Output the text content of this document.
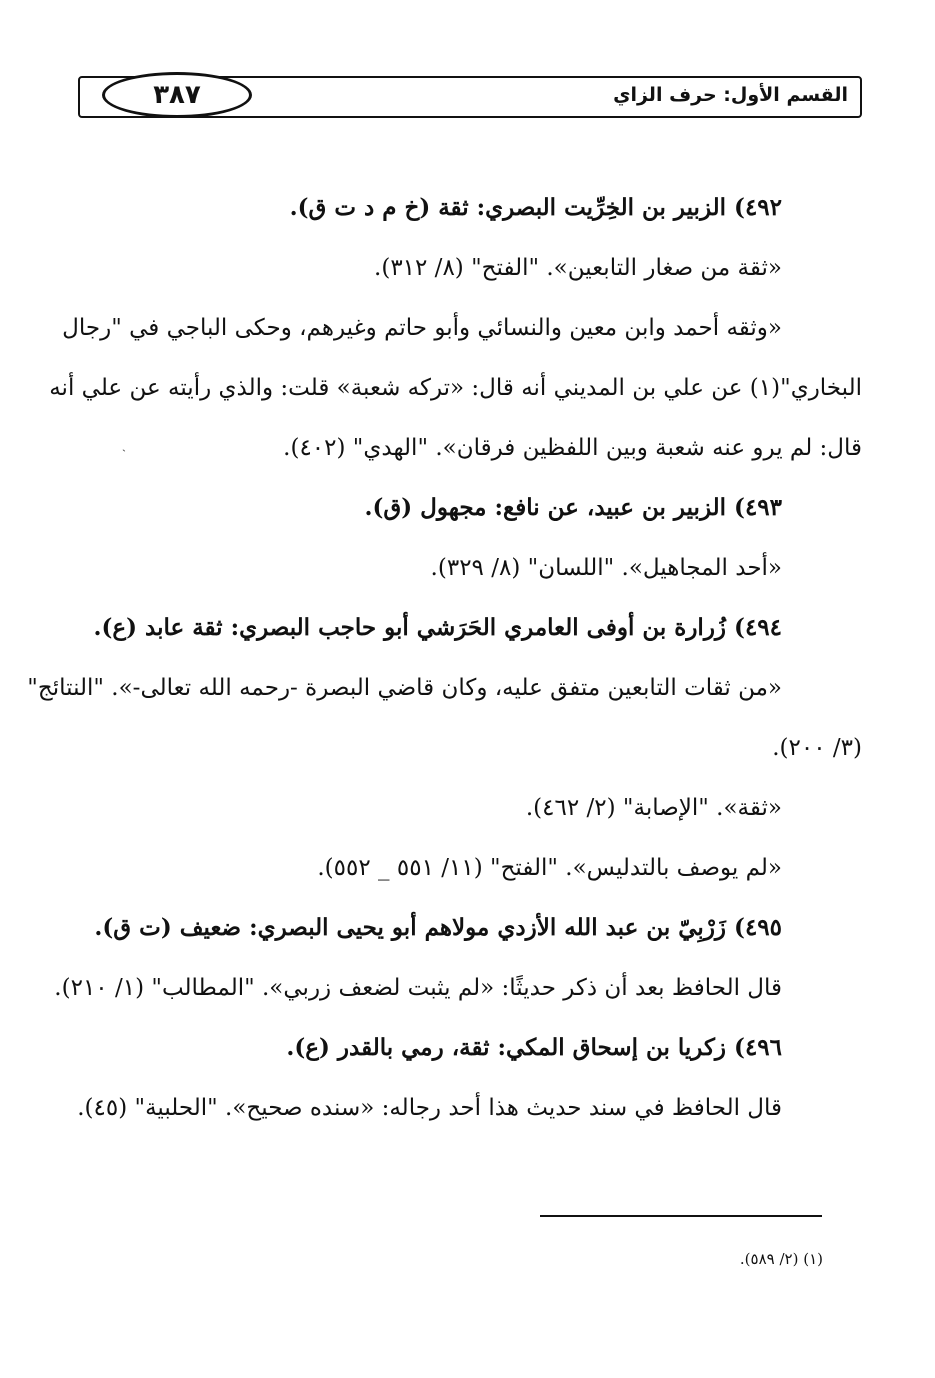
القسم الأول: حرف الزاي
٣٨٧
٤٩٢) الزبير بن الخِرِّيت البصري: ثقة (خ م د ت ق).
«ثقة من صغار التابعين». "الفتح" (٨/ ٣١٢).
«وثقه أحمد وابن معين والنسائي وأبو حاتم وغيرهم، وحكى الباجي في "رجال
البخاري"(١) عن علي بن المديني أنه قال: «تركه شعبة» قلت: والذي رأيته عن علي أنه
قال: لم يرو عنه شعبة وبين اللفظين فرقان». "الهدي" (٤٠٢).
٤٩٣) الزبير بن عبيد، عن نافع: مجهول (ق).
«أحد المجاهيل». "اللسان" (٨/ ٣٢٩).
٤٩٤) زُرارة بن أوفى العامري الحَرَشي أبو حاجب البصري: ثقة عابد (ع).
«من ثقات التابعين متفق عليه، وكان قاضي البصرة -رحمه الله تعالى-». "النتائج"
(٣/ ٢٠٠).
«ثقة». "الإصابة" (٢/ ٤٦٢).
«لم يوصف بالتدليس». "الفتح" (١١/ ٥٥١ _ ٥٥٢).
٤٩٥) زَرْبِيّ بن عبد الله الأزدي مولاهم أبو يحيى البصري: ضعيف (ت ق).
قال الحافظ بعد أن ذكر حديثًا: «لم يثبت لضعف زربي». "المطالب" (١/ ٢١٠).
٤٩٦) زكريا بن إسحاق المكي: ثقة، رمي بالقدر (ع).
قال الحافظ في سند حديث هذا أحد رجاله: «سنده صحيح». "الحلبية" (٤٥).
ˏ
(١) (٢/ ٥٨٩).
